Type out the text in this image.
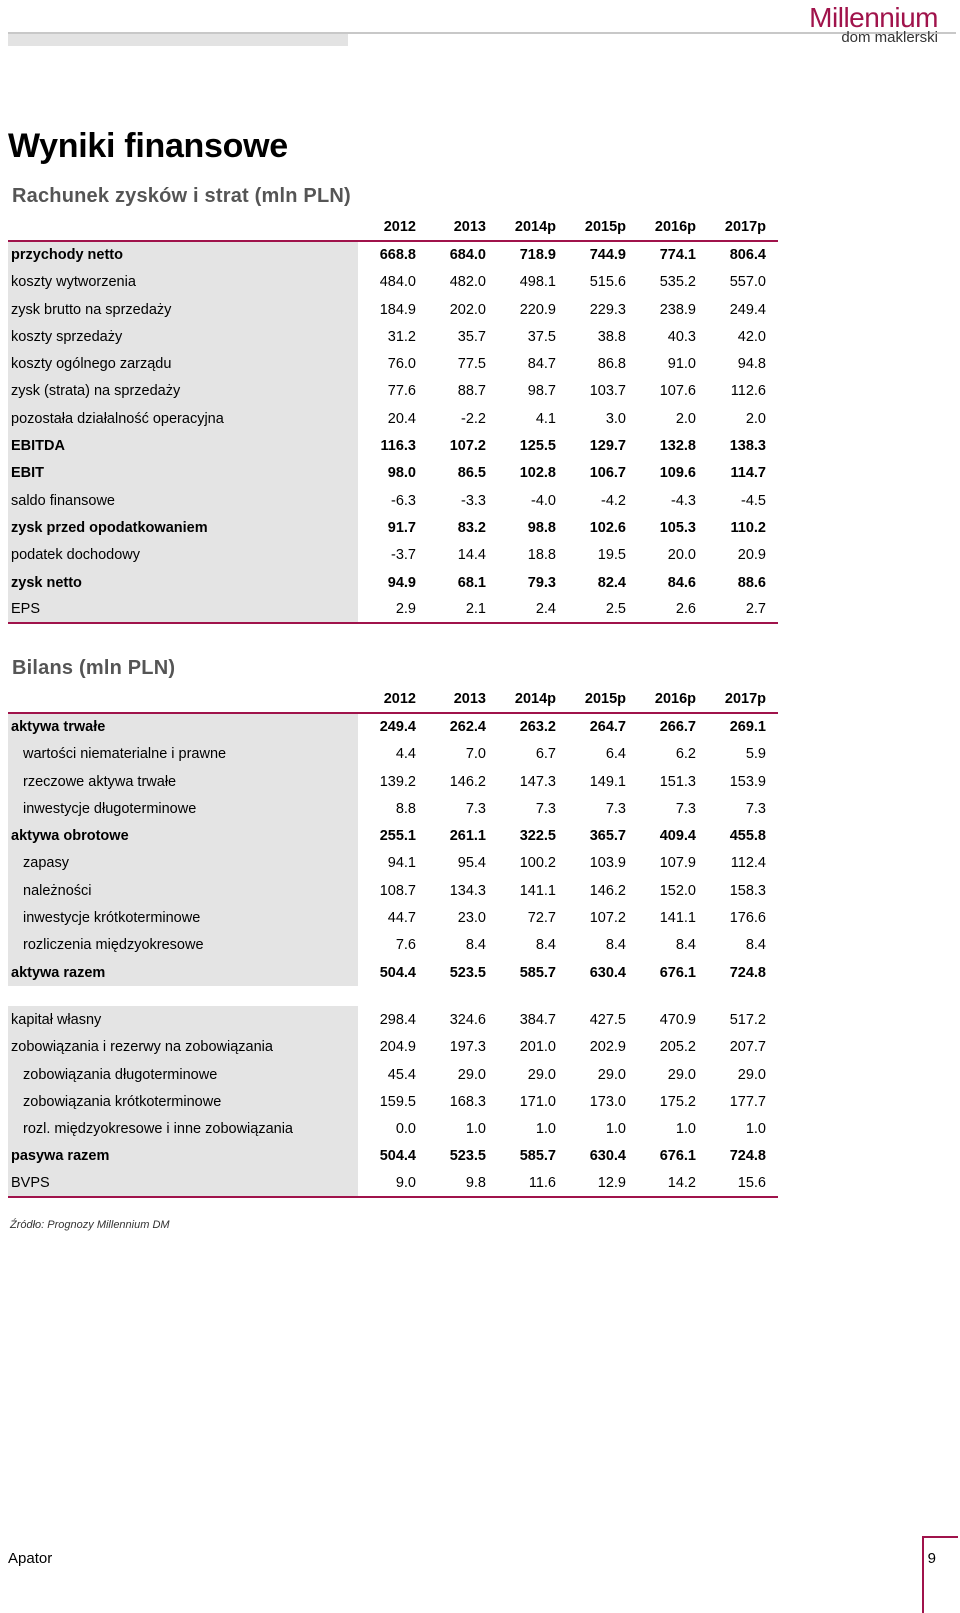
Millennium
dom maklerski
Wyniki finansowe
Rachunek zysków i strat (mln PLN)
	2012	2013	2014p	2015p	2016p	2017p
przychody netto	668.8	684.0	718.9	744.9	774.1	806.4
koszty wytworzenia	484.0	482.0	498.1	515.6	535.2	557.0
zysk brutto na sprzedaży	184.9	202.0	220.9	229.3	238.9	249.4
koszty sprzedaży	31.2	35.7	37.5	38.8	40.3	42.0
koszty ogólnego zarządu	76.0	77.5	84.7	86.8	91.0	94.8
zysk (strata) na sprzedaży	77.6	88.7	98.7	103.7	107.6	112.6
pozostała działalność operacyjna	20.4	-2.2	4.1	3.0	2.0	2.0
EBITDA	116.3	107.2	125.5	129.7	132.8	138.3
EBIT	98.0	86.5	102.8	106.7	109.6	114.7
saldo finansowe	-6.3	-3.3	-4.0	-4.2	-4.3	-4.5
zysk przed opodatkowaniem	91.7	83.2	98.8	102.6	105.3	110.2
podatek dochodowy	-3.7	14.4	18.8	19.5	20.0	20.9
zysk netto	94.9	68.1	79.3	82.4	84.6	88.6
EPS	2.9	2.1	2.4	2.5	2.6	2.7
Bilans (mln PLN)
	2012	2013	2014p	2015p	2016p	2017p
aktywa trwałe	249.4	262.4	263.2	264.7	266.7	269.1
wartości niematerialne i prawne	4.4	7.0	6.7	6.4	6.2	5.9
rzeczowe aktywa trwałe	139.2	146.2	147.3	149.1	151.3	153.9
inwestycje długoterminowe	8.8	7.3	7.3	7.3	7.3	7.3
aktywa obrotowe	255.1	261.1	322.5	365.7	409.4	455.8
zapasy	94.1	95.4	100.2	103.9	107.9	112.4
należności	108.7	134.3	141.1	146.2	152.0	158.3
inwestycje krótkoterminowe	44.7	23.0	72.7	107.2	141.1	176.6
rozliczenia międzyokresowe	7.6	8.4	8.4	8.4	8.4	8.4
aktywa razem	504.4	523.5	585.7	630.4	676.1	724.8

kapitał własny	298.4	324.6	384.7	427.5	470.9	517.2
zobowiązania i rezerwy na zobowiązania	204.9	197.3	201.0	202.9	205.2	207.7
zobowiązania długoterminowe	45.4	29.0	29.0	29.0	29.0	29.0
zobowiązania krótkoterminowe	159.5	168.3	171.0	173.0	175.2	177.7
rozl. międzyokresowe i inne zobowiązania	0.0	1.0	1.0	1.0	1.0	1.0
pasywa razem	504.4	523.5	585.7	630.4	676.1	724.8
BVPS	9.0	9.8	11.6	12.9	14.2	15.6
Źródło: Prognozy Millennium DM
Apator	9
